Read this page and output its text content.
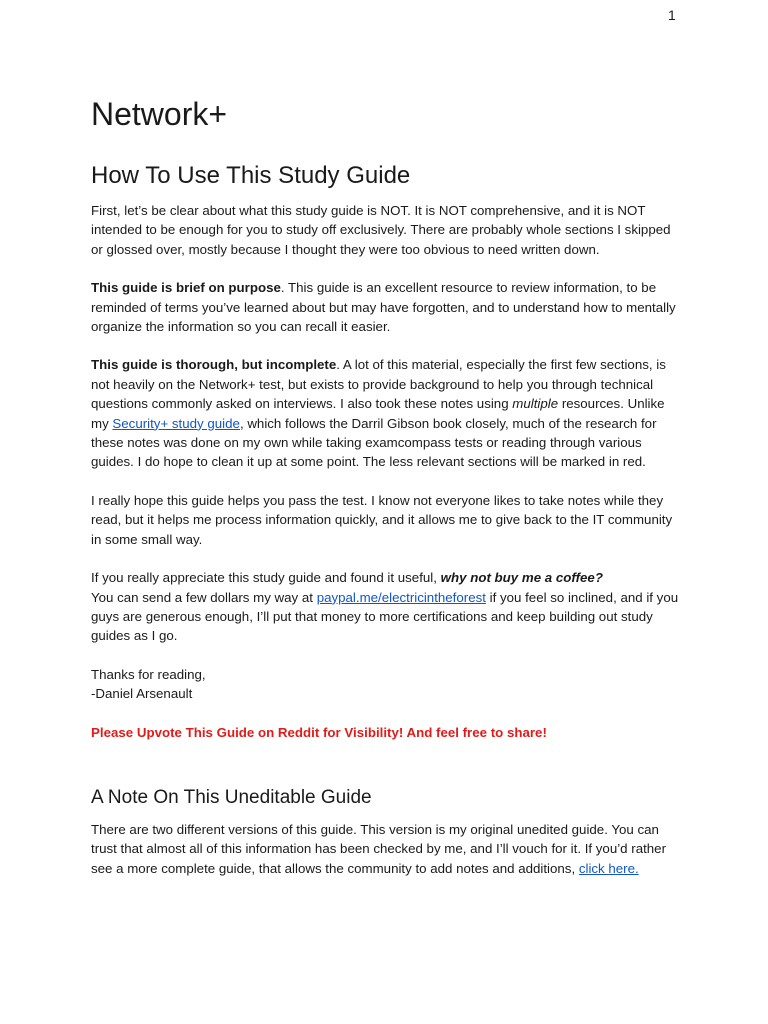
1
Network+
How To Use This Study Guide

First, let’s be clear about what this study guide is NOT. It is NOT comprehensive, and it is NOT intended to be enough for you to study off exclusively. There are probably whole sections I skipped or glossed over, mostly because I thought they were too obvious to need written down.

This guide is brief on purpose. This guide is an excellent resource to review information, to be reminded of terms you’ve learned about but may have forgotten, and to understand how to mentally organize the information so you can recall it easier.

This guide is thorough, but incomplete. A lot of this material, especially the first few sections, is not heavily on the Network+ test, but exists to provide background to help you through technical questions commonly asked on interviews. I also took these notes using multiple resources. Unlike my Security+ study guide, which follows the Darril Gibson book closely, much of the research for these notes was done on my own while taking examcompass tests or reading through various guides. I do hope to clean it up at some point. The less relevant sections will be marked in red.

I really hope this guide helps you pass the test. I know not everyone likes to take notes while they read, but it helps me process information quickly, and it allows me to give back to the IT community in some small way.

If you really appreciate this study guide and found it useful, why not buy me a coffee?
You can send a few dollars my way at paypal.me/electricintheforest if you feel so inclined, and if you guys are generous enough, I’ll put that money to more certifications and keep building out study guides as I go.

Thanks for reading,
-Daniel Arsenault

Please Upvote This Guide on Reddit for Visibility! And feel free to share!

A Note On This Uneditable Guide

There are two different versions of this guide. This version is my original unedited guide. You can trust that almost all of this information has been checked by me, and I’ll vouch for it. If you’d rather see a more complete guide, that allows the community to add notes and additions, click here.
